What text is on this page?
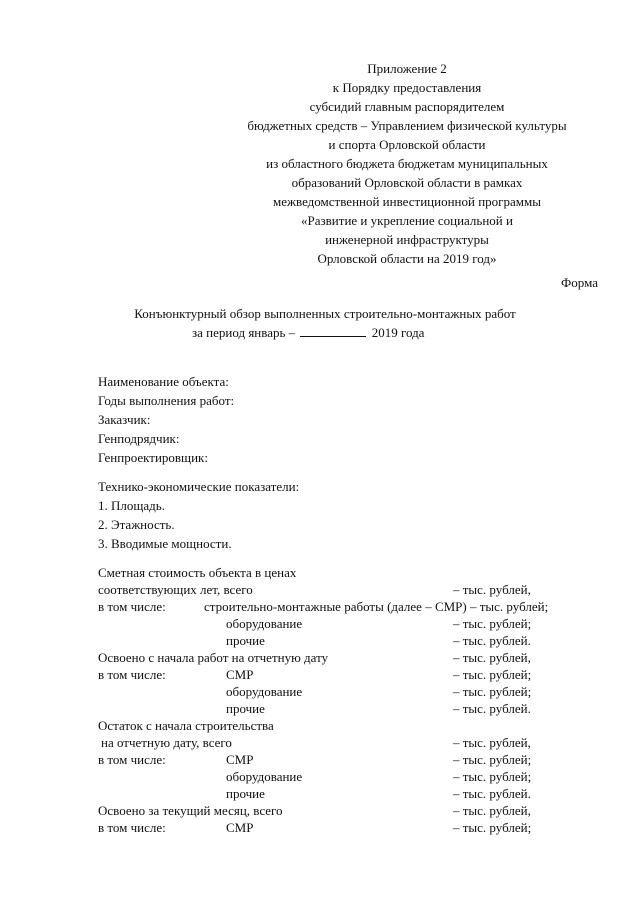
Приложение 2
к Порядку предоставления
субсидий главным распорядителем
бюджетных средств – Управлением физической культуры
и спорта Орловской области
из областного бюджета бюджетам муниципальных
образований Орловской области в рамках
межведомственной инвестиционной программы
«Развитие и укрепление социальной и
инженерной инфраструктуры
Орловской области на 2019 год»
Форма
Конъюнктурный обзор выполненных строительно-монтажных работ
за период январь –	2019 года
Наименование объекта:
Годы выполнения работ:
Заказчик:
Генподрядчик:
Генпроектировщик:
Технико-экономические показатели:
1. Площадь.
2. Этажность.
3. Вводимые мощности.
Сметная стоимость объекта в ценах
соответствующих лет, всего	– тыс. рублей,
в том числе:	строительно-монтажные работы (далее – СМР) – тыс. рублей;
оборудование	– тыс. рублей;
прочие	– тыс. рублей.
Освоено с начала работ на отчетную дату	– тыс. рублей,
в том числе:	СМР	– тыс. рублей;
оборудование	– тыс. рублей;
прочие	– тыс. рублей.
Остаток с начала строительства
на отчетную дату, всего	– тыс. рублей,
в том числе:	СМР	– тыс. рублей;
оборудование	– тыс. рублей;
прочие	– тыс. рублей.
Освоено за текущий месяц, всего	– тыс. рублей,
в том числе:	СМР	– тыс. рублей;
